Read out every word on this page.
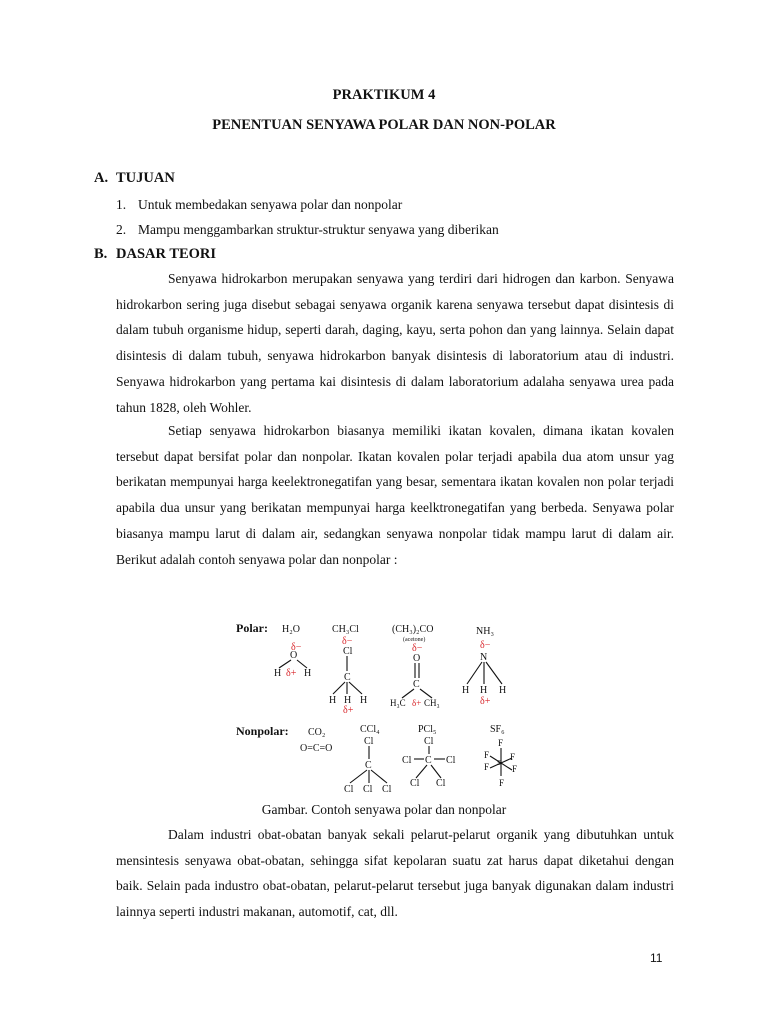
PRAKTIKUM 4
PENENTUAN SENYAWA POLAR DAN NON-POLAR
A. TUJUAN
1. Untuk membedakan senyawa polar dan nonpolar
2. Mampu menggambarkan struktur-struktur senyawa yang diberikan
B. DASAR TEORI

Senyawa hidrokarbon merupakan senyawa yang terdiri dari hidrogen dan karbon. Senyawa hidrokarbon sering juga disebut sebagai senyawa organik karena senyawa tersebut dapat disintesis di dalam tubuh organisme hidup, seperti darah, daging, kayu, serta pohon dan yang lainnya. Selain dapat disintesis di dalam tubuh, senyawa hidrokarbon banyak disintesis di laboratorium atau di industri. Senyawa hidrokarbon yang pertama kai disintesis di dalam laboratorium adalaha senyawa urea pada tahun 1828, oleh Wohler.

Setiap senyawa hidrokarbon biasanya memiliki ikatan kovalen, dimana ikatan kovalen tersebut dapat bersifat polar dan nonpolar. Ikatan kovalen polar terjadi apabila dua atom unsur yag berikatan mempunyai harga keelektronegatifan yang besar, sementara ikatan kovalen non polar terjadi apabila dua unsur yang berikatan mempunyai harga keelktronegatifan yang berbeda. Senyawa polar biasanya mampu larut di dalam air, sedangkan senyawa nonpolar tidak mampu larut di dalam air. Berikut adalah contoh senyawa polar dan nonpolar :

Polar:
Nonpolar:
H₂O
δ−
O
H δ+ H
CH₃Cl
δ−
Cl
C
H H H
δ+
(CH₃)₂CO
(acetone)
δ−
O
C
H₃C δ+ CH₃
NH₃
δ−
N
H H H
δ+
CO₂
O=C=O
CCl₄
Cl
C
Cl Cl Cl
PCl₅
Cl
Cl C Cl
Cl Cl
SF₆
F
F F
F	F
F
S
Gambar. Contoh senyawa polar dan nonpolar

Dalam industri obat-obatan banyak sekali pelarut-pelarut organik yang dibutuhkan untuk mensintesis senyawa obat-obatan, sehingga sifat kepolaran suatu zat harus dapat diketahui dengan baik. Selain pada industro obat-obatan, pelarut-pelarut tersebut juga banyak digunakan dalam industri lainnya seperti industri makanan, automotif, cat, dll.

11
